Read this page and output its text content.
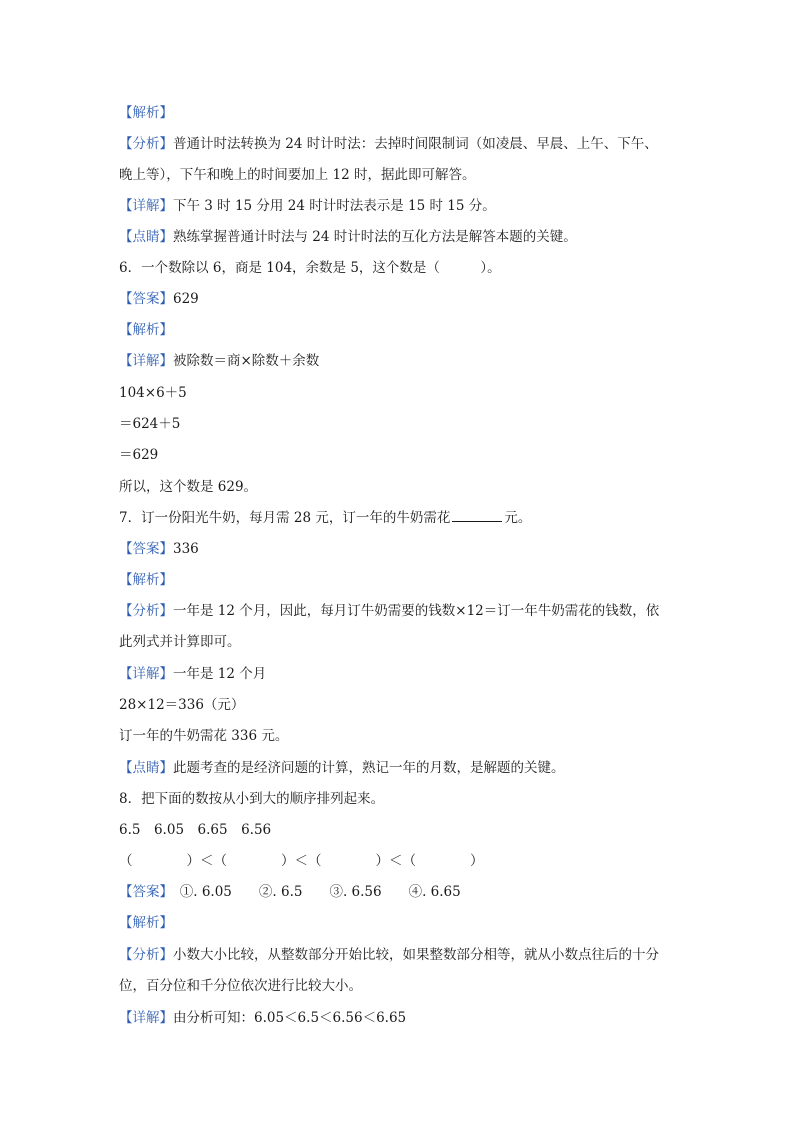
【解析】
【分析】普通计时法转换为 24 时计时法：去掉时间限制词（如凌晨、早晨、上午、下午、
晚上等），下午和晚上的时间要加上 12 时，据此即可解答。
【详解】下午 3 时 15 分用 24 时计时法表示是 15 时 15 分。
【点睛】熟练掌握普通计时法与 24 时计时法的互化方法是解答本题的关键。
6．一个数除以 6，商是 104，余数是 5，这个数是（　　　）。
【答案】629
【解析】
【详解】被除数＝商×除数＋余数
104×6＋5
＝624＋5
＝629
所以，这个数是 629。
7．订一份阳光牛奶，每月需 28 元，订一年的牛奶需花	元。
【答案】336
【解析】
【分析】一年是 12 个月，因此，每月订牛奶需要的钱数×12＝订一年牛奶需花的钱数，依
此列式并计算即可。
【详解】一年是 12 个月
28×12＝336（元）
订一年的牛奶需花 336 元。
【点睛】此题考查的是经济问题的计算，熟记一年的月数，是解题的关键。
8．把下面的数按从小到大的顺序排列起来。
6.5　6.05　6.65　6.56
（　　　　）＜（　　　　）＜（　　　　）＜（　　　　）
【答案】　①. 6.05　　②. 6.5　　③. 6.56　　④. 6.65
【解析】
【分析】小数大小比较，从整数部分开始比较，如果整数部分相等，就从小数点往后的十分
位，百分位和千分位依次进行比较大小。
【详解】由分析可知：6.05＜6.5＜6.56＜6.65
